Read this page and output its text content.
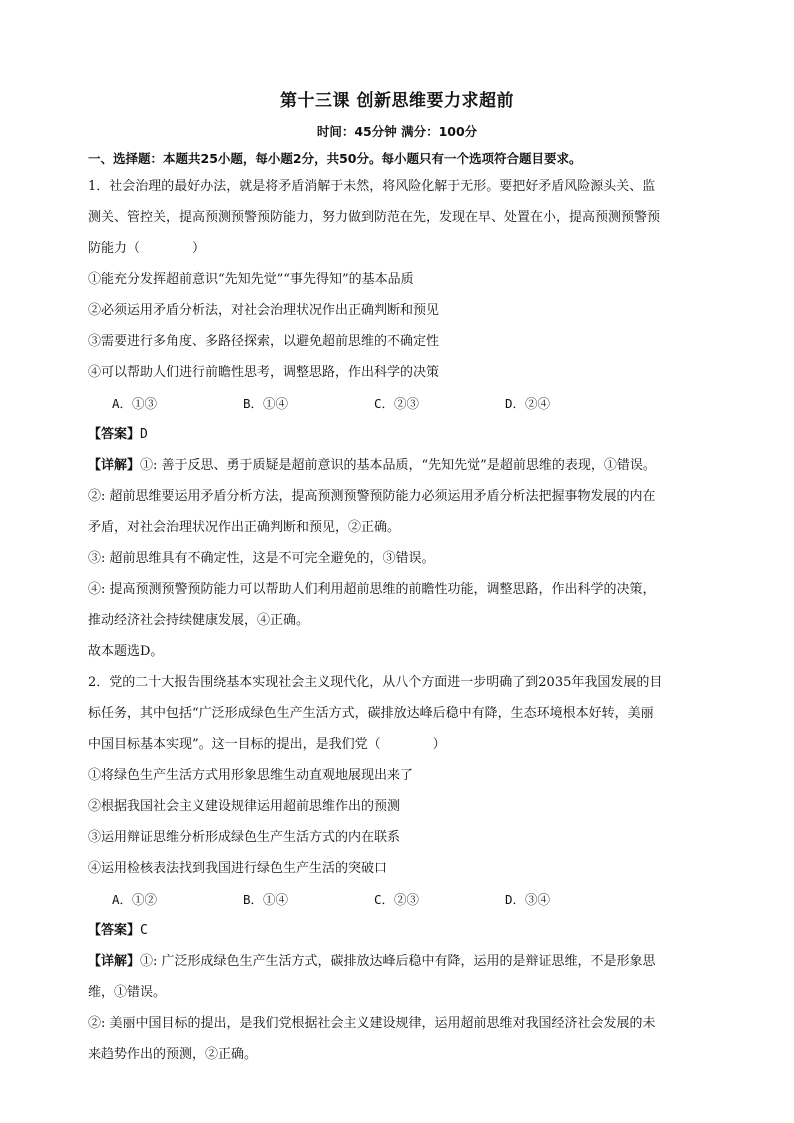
第十三课 创新思维要力求超前
时间：45分钟 满分：100分
一、选择题：本题共25小题，每小题2分，共50分。每小题只有一个选项符合题目要求。
1．社会治理的最好办法，就是将矛盾消解于未然，将风险化解于无形。要把好矛盾风险源头关、监
测关、管控关，提高预测预警预防能力，努力做到防范在先，发现在早、处置在小，提高预测预警预
防能力（　　　　）
①能充分发挥超前意识“先知先觉”“事先得知”的基本品质
②必须运用矛盾分析法，对社会治理状况作出正确判断和预见
③需要进行多角度、多路径探索，以避免超前思维的不确定性
④可以帮助人们进行前瞻性思考，调整思路，作出科学的决策
A．①③	B．①④	C．②③	D．②④
【答案】D
【详解】①: 善于反思、勇于质疑是超前意识的基本品质，“先知先觉”是超前思维的表现，①错误。
②: 超前思维要运用矛盾分析方法，提高预测预警预防能力必须运用矛盾分析法把握事物发展的内在
矛盾，对社会治理状况作出正确判断和预见，②正确。
③: 超前思维具有不确定性，这是不可完全避免的，③错误。
④: 提高预测预警预防能力可以帮助人们利用超前思维的前瞻性功能，调整思路，作出科学的决策，
推动经济社会持续健康发展，④正确。
故本题选D。
2．党的二十大报告围绕基本实现社会主义现代化，从八个方面进一步明确了到2035年我国发展的目
标任务，其中包括“广泛形成绿色生产生活方式，碳排放达峰后稳中有降，生态环境根本好转，美丽
中国目标基本实现”。这一目标的提出，是我们党（　　　　）
①将绿色生产生活方式用形象思维生动直观地展现出来了
②根据我国社会主义建设规律运用超前思维作出的预测
③运用辩证思维分析形成绿色生产生活方式的内在联系
④运用检核表法找到我国进行绿色生产生活的突破口
A．①②	B．①④	C．②③	D．③④
【答案】C
【详解】①: 广泛形成绿色生产生活方式，碳排放达峰后稳中有降，运用的是辩证思维，不是形象思
维，①错误。
②: 美丽中国目标的提出，是我们党根据社会主义建设规律，运用超前思维对我国经济社会发展的未
来趋势作出的预测，②正确。
